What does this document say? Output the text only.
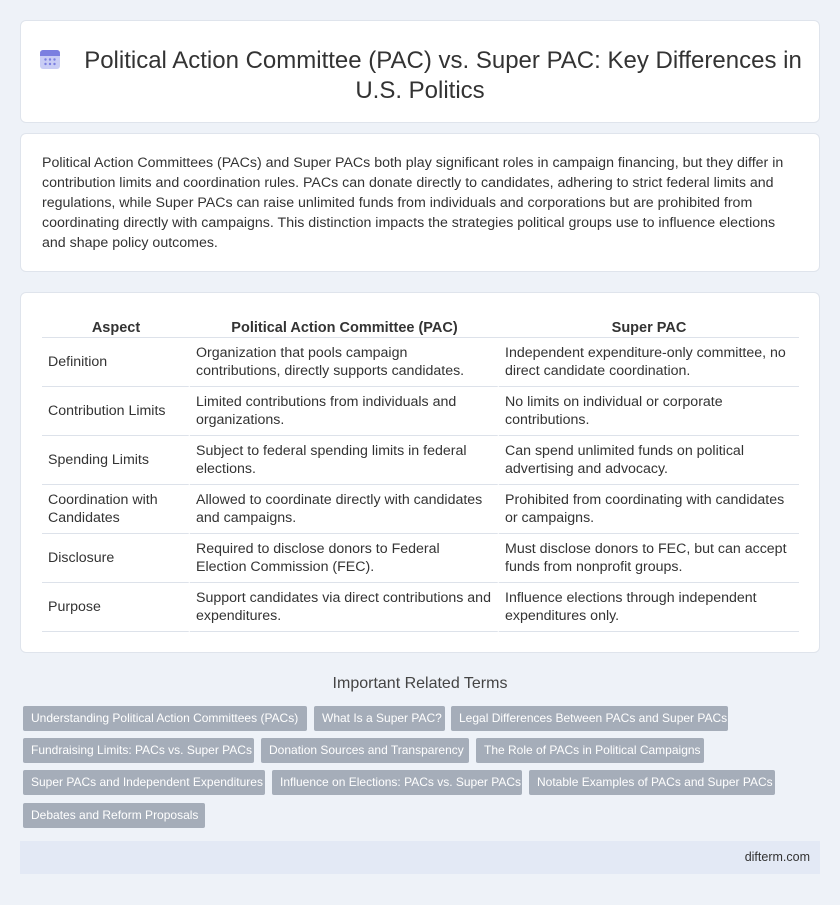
Political Action Committee (PAC) vs. Super PAC: Key Differences in U.S. Politics

Political Action Committees (PACs) and Super PACs both play significant roles in campaign financing, but they differ in contribution limits and coordination rules. PACs can donate directly to candidates, adhering to strict federal limits and regulations, while Super PACs can raise unlimited funds from individuals and corporations but are prohibited from coordinating directly with campaigns. This distinction impacts the strategies political groups use to influence elections and shape policy outcomes.

Aspect	Political Action Committee (PAC)	Super PAC
Definition	Organization that pools campaign contributions, directly supports candidates.	Independent expenditure-only committee, no direct candidate coordination.
Contribution Limits	Limited contributions from individuals and organizations.	No limits on individual or corporate contributions.
Spending Limits	Subject to federal spending limits in federal elections.	Can spend unlimited funds on political advertising and advocacy.
Coordination with Candidates	Allowed to coordinate directly with candidates and campaigns.	Prohibited from coordinating with candidates or campaigns.
Disclosure	Required to disclose donors to Federal Election Commission (FEC).	Must disclose donors to FEC, but can accept funds from nonprofit groups.
Purpose	Support candidates via direct contributions and expenditures.	Influence elections through independent expenditures only.
Important Related Terms
Understanding Political Action Committees (PACs)	What Is a Super PAC?	Legal Differences Between PACs and Super PACs
Fundraising Limits: PACs vs. Super PACs	Donation Sources and Transparency	The Role of PACs in Political Campaigns
Super PACs and Independent Expenditures	Influence on Elections: PACs vs. Super PACs	Notable Examples of PACs and Super PACs
Debates and Reform Proposals
difterm.com
